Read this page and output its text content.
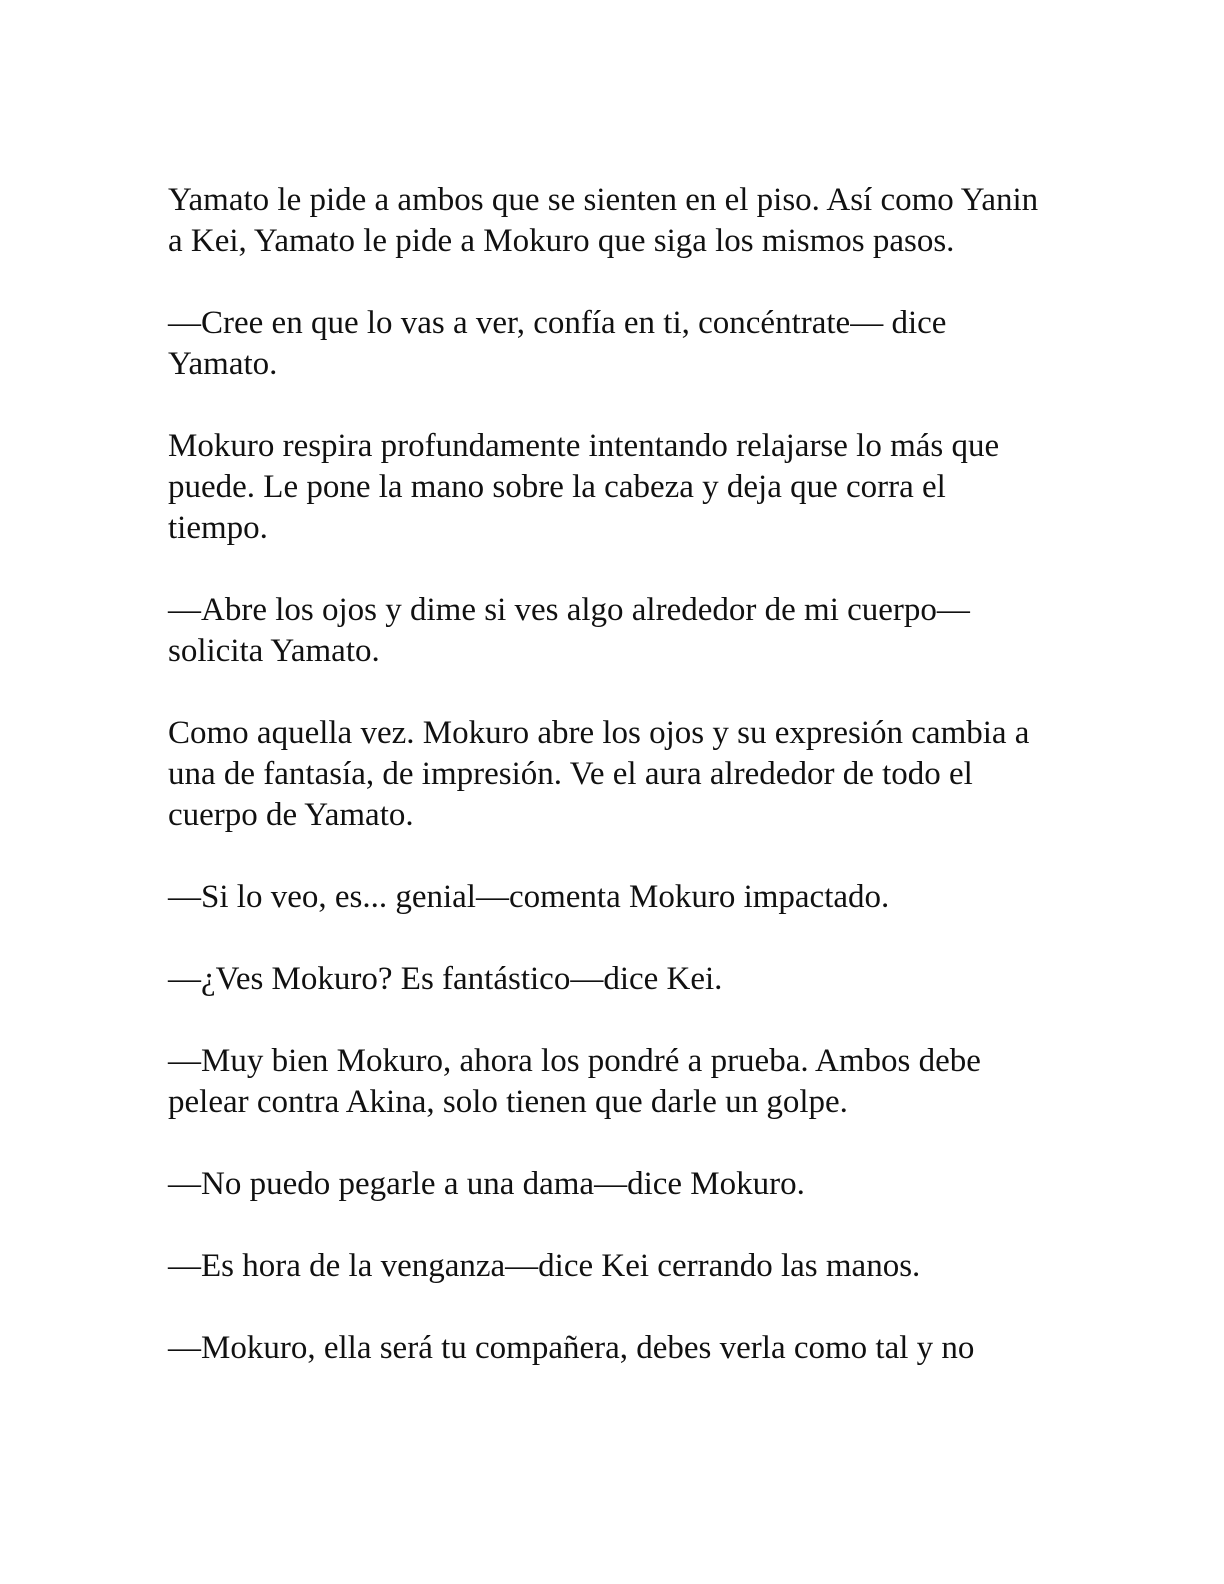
Yamato le pide a ambos que se sienten en el piso. Así como Yanin a Kei, Yamato le pide a Mokuro que siga los mismos pasos.

—Cree en que lo vas a ver, confía en ti, concéntrate— dice Yamato.

Mokuro respira profundamente intentando relajarse lo más que puede. Le pone la mano sobre la cabeza y deja que corra el tiempo.

—Abre los ojos y dime si ves algo alrededor de mi cuerpo— solicita Yamato.

Como aquella vez. Mokuro abre los ojos y su expresión cambia a una de fantasía, de impresión. Ve el aura alrededor de todo el cuerpo de Yamato.

—Si lo veo, es... genial—comenta Mokuro impactado.

—¿Ves Mokuro? Es fantástico—dice Kei.

—Muy bien Mokuro, ahora los pondré a prueba. Ambos debe pelear contra Akina, solo tienen que darle un golpe.

—No puedo pegarle a una dama—dice Mokuro.

—Es hora de la venganza—dice Kei cerrando las manos.

—Mokuro, ella será tu compañera, debes verla como tal y no
